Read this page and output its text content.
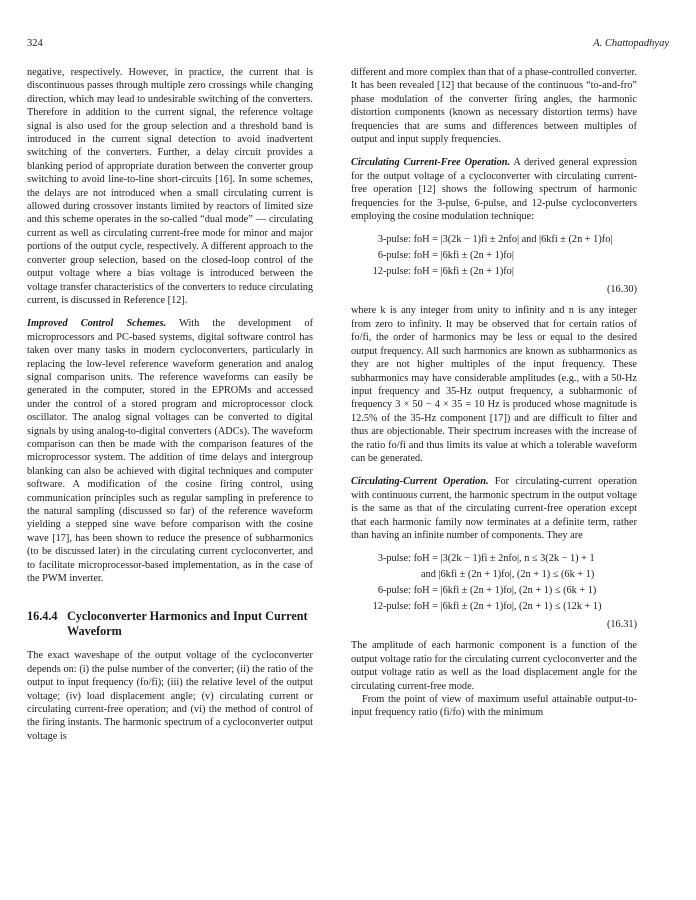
324	A. Chattopadhyay

negative, respectively. However, in practice, the current that is discontinuous passes through multiple zero crossings while changing direction, which may lead to undesirable switching of the converters. Therefore in addition to the current signal, the reference voltage signal is also used for the group selection and a threshold band is introduced in the current signal detection to avoid inadvertent switching of the converters. Further, a delay circuit provides a blanking period of appropriate duration between the converter group switching to avoid line-to-line short-circuits [16]. In some schemes, the delays are not introduced when a small circulating current is allowed during crossover instants limited by reactors of limited size and this scheme operates in the so-called “dual mode” — circulating current as well as circulating current-free mode for minor and major portions of the output cycle, respectively. A different approach to the converter group selection, based on the closed-loop control of the output voltage where a bias voltage is introduced between the voltage transfer characteristics of the converters to reduce circulating current, is discussed in Reference [12].

Improved Control Schemes. With the development of microprocessors and PC-based systems, digital software control has taken over many tasks in modern cycloconverters, particularly in replacing the low-level reference waveform generation and analog signal comparison units. The reference waveforms can easily be generated in the computer, stored in the EPROMs and accessed under the control of a stored program and microprocessor clock oscillator. The analog signal voltages can be converted to digital signals by using analog-to-digital converters (ADCs). The waveform comparison can then be made with the comparison features of the microprocessor system. The addition of time delays and intergroup blanking can also be achieved with digital techniques and computer software. A modification of the cosine firing control, using communication principles such as regular sampling in preference to the natural sampling (discussed so far) of the reference waveform yielding a stepped sine wave before comparison with the cosine wave [17], has been shown to reduce the presence of subharmonics (to be discussed later) in the circulating current cycloconverter, and to facilitate microprocessor-based implementation, as in the case of the PWM inverter.

16.4.4 Cycloconverter Harmonics and Input Current Waveform

The exact waveshape of the output voltage of the cycloconverter depends on: (i) the pulse number of the converter; (ii) the ratio of the output to input frequency (fo/fi); (iii) the relative level of the output voltage; (iv) load displacement angle; (v) circulating current or circulating current-free operation; and (vi) the method of control of the firing instants. The harmonic spectrum of a cycloconverter output voltage is

different and more complex than that of a phase-controlled converter. It has been revealed [12] that because of the continuous “to-and-fro” phase modulation of the converter firing angles, the harmonic distortion components (known as necessary distortion terms) have frequencies that are sums and differences between multiples of output and input supply frequencies.

Circulating Current-Free Operation. A derived general expression for the output voltage of a cycloconverter with circulating current-free operation [12] shows the following spectrum of harmonic frequencies for the 3-pulse, 6-pulse, and 12-pulse cycloconverters employing the cosine modulation technique:

3-pulse: foH = |3(2k − 1)fi ± 2nfo| and |6kfi ± (2n + 1)fo|
6-pulse: foH = |6kfi ± (2n + 1)fo|
12-pulse: foH = |6kfi ± (2n + 1)fo|
(16.30)

where k is any integer from unity to infinity and n is any integer from zero to infinity. It may be observed that for certain ratios of fo/fi, the order of harmonics may be less or equal to the desired output frequency. All such harmonics are known as subharmonics as they are not higher multiples of the input frequency. These subharmonics may have considerable amplitudes (e.g., with a 50-Hz input frequency and 35-Hz output frequency, a subharmonic of frequency 3 × 50 − 4 × 35 = 10 Hz is produced whose magnitude is 12.5% of the 35-Hz component [17]) and are difficult to filter and thus are objectionable. Their spectrum increases with the increase of the ratio fo/fi and thus limits its value at which a tolerable waveform can be generated.

Circulating-Current Operation. For circulating-current operation with continuous current, the harmonic spectrum in the output voltage is the same as that of the circulating current-free operation except that each harmonic family now terminates at a definite term, rather than having an infinite number of components. They are

3-pulse: foH = |3(2k − 1)fi ± 2nfo|, n ≤ 3(2k − 1) + 1
and |6kfi ± (2n + 1)fo|, (2n + 1) ≤ (6k + 1)
6-pulse: foH = |6kfi ± (2n + 1)fo|, (2n + 1) ≤ (6k + 1)
12-pulse: foH = |6kfi ± (2n + 1)fo|, (2n + 1) ≤ (12k + 1)
(16.31)

The amplitude of each harmonic component is a function of the output voltage ratio for the circulating current cycloconverter and the output voltage ratio as well as the load displacement angle for the circulating current-free mode.

From the point of view of maximum useful attainable output-to-input frequency ratio (fi/fo) with the minimum
